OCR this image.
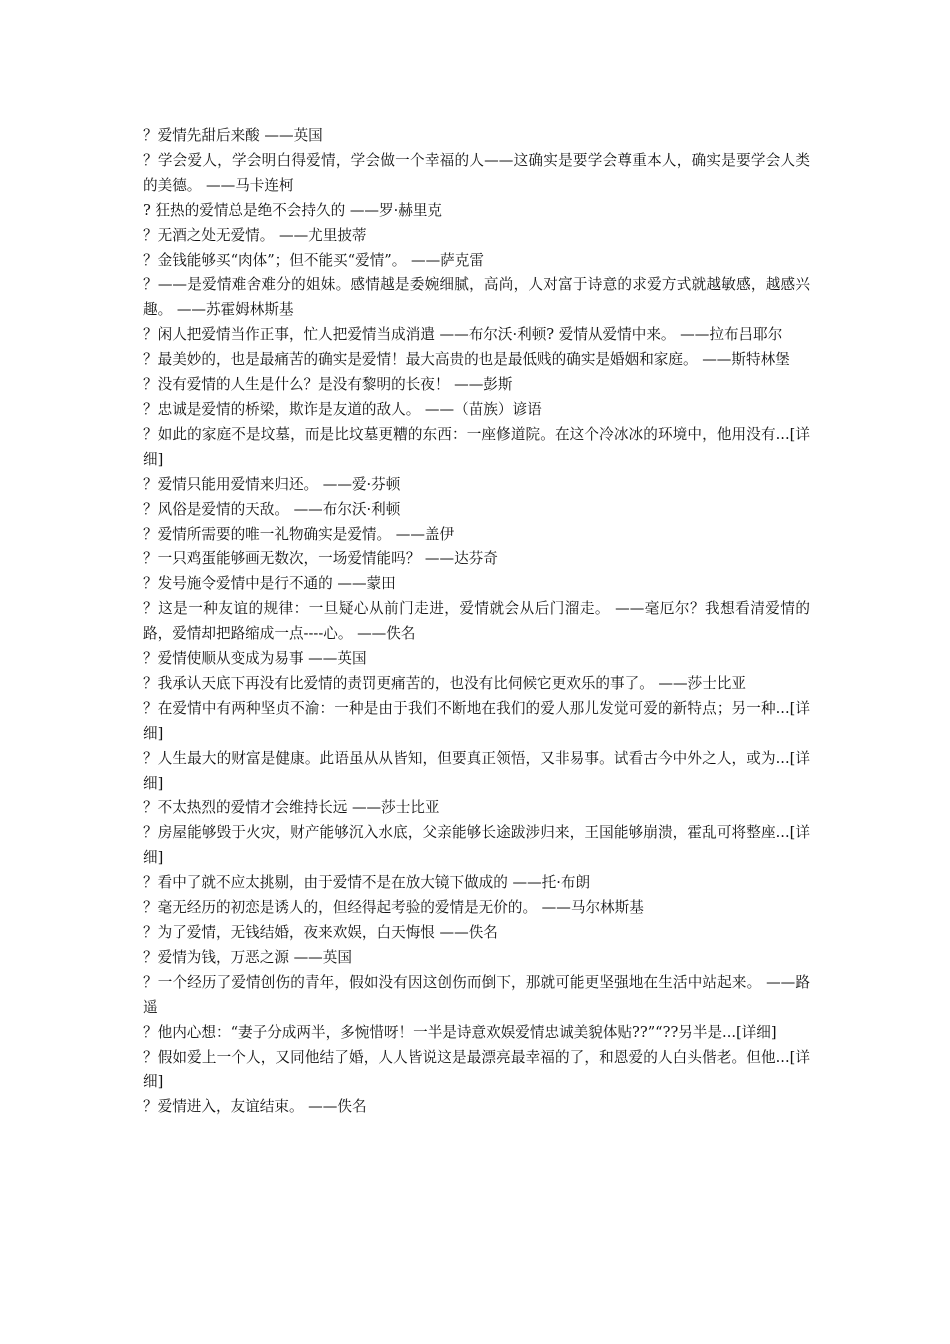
？爱情先甜后来酸 ——英国

？学会爱人，学会明白得爱情，学会做一个幸福的人——这确实是要学会尊重本人，确实是要学会人类的美德。 ——马卡连柯

? 狂热的爱情总是绝不会持久的 ——罗·赫里克

？无酒之处无爱情。 ——尤里披蒂

？金钱能够买“肉体”；但不能买“爱情”。 ——萨克雷

？——是爱情难舍难分的姐妹。感情越是委婉细腻，高尚，人对富于诗意的求爱方式就越敏感，越感兴趣。 ——苏霍姆林斯基

？闲人把爱情当作正事，忙人把爱情当成消遣 ——布尔沃·利顿? 爱情从爱情中来。 ——拉布吕耶尔

？最美妙的，也是最痛苦的确实是爱情！最大高贵的也是最低贱的确实是婚姻和家庭。 ——斯特林堡

？没有爱情的人生是什么？是没有黎明的长夜！ ——彭斯

？忠诚是爱情的桥梁，欺诈是友道的敌人。 ——（苗族）谚语

？如此的家庭不是坟墓，而是比坟墓更糟的东西：一座修道院。在这个冷冰冰的环境中，他用没有...[详细]

？爱情只能用爱情来归还。 ——爱·芬顿

？风俗是爱情的天敌。 ——布尔沃·利顿

？爱情所需要的唯一礼物确实是爱情。 ——盖伊

？一只鸡蛋能够画无数次，一场爱情能吗？ ——达芬奇

？发号施令爱情中是行不通的 ——蒙田

？这是一种友谊的规律：一旦疑心从前门走进，爱情就会从后门溜走。 ——毫厄尔？我想看清爱情的路，爱情却把路缩成一点----心。 ——佚名

？爱情使顺从变成为易事 ——英国

？我承认天底下再没有比爱情的责罚更痛苦的，也没有比伺候它更欢乐的事了。 ——莎士比亚

？在爱情中有两种坚贞不渝：一种是由于我们不断地在我们的爱人那儿发觉可爱的新特点；另一种...[详细]

？人生最大的财富是健康。此语虽从从皆知，但要真正领悟，又非易事。试看古今中外之人，或为...[详细]

？不太热烈的爱情才会维持长远 ——莎士比亚

？房屋能够毁于火灾，财产能够沉入水底，父亲能够长途跋涉归来，王国能够崩溃，霍乱可将整座...[详细]

？看中了就不应太挑剔，由于爱情不是在放大镜下做成的 ——托·布朗

？毫无经历的初恋是诱人的，但经得起考验的爱情是无价的。 ——马尔林斯基

？为了爱情，无钱结婚，夜来欢娱，白天悔恨 ——佚名

？爱情为钱，万恶之源 ——英国

？一个经历了爱情创伤的青年，假如没有因这创伤而倒下，那就可能更坚强地在生活中站起来。 ——路遥

？他内心想：“妻子分成两半，多惋惜呀！一半是诗意欢娱爱情忠诚美貌体贴??”“??另半是...[详细]

？假如爱上一个人，又同他结了婚，人人皆说这是最漂亮最幸福的了，和恩爱的人白头偕老。但他...[详细]

？爱情进入，友谊结束。 ——佚名
